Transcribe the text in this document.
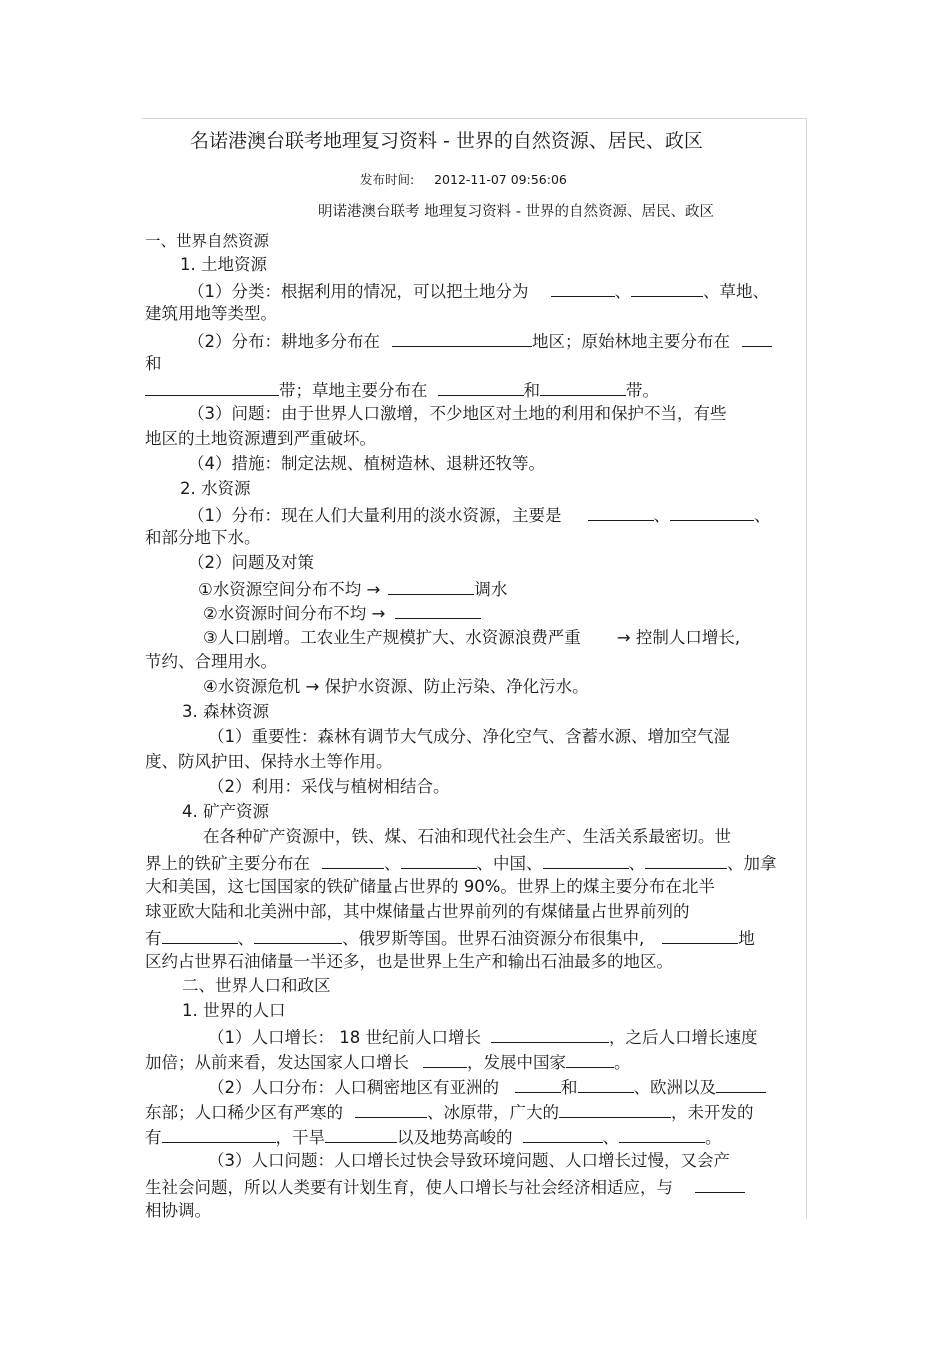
名诺港澳台联考地理复习资料 - 世界的自然资源、居民、政区
发布时间: 2012-11-07 09:56:06
明诺港澳台联考 地理复习资料 - 世界的自然资源、居民、政区
一、世界自然资源
1. 土地资源
（1）分类：根据利用的情况，可以把土地分为	、	、草地、
建筑用地等类型。
（2）分布：耕地多分布在	地区；原始林地主要分布在
和
带；草地主要分布在	和	带。
（3）问题：由于世界人口激增，不少地区对土地的利用和保护不当，有些
地区的土地资源遭到严重破坏。
（4）措施：制定法规、植树造林、退耕还牧等。
2. 水资源
（1）分布：现在人们大量利用的淡水资源，主要是	、	、
和部分地下水。
（2）问题及对策
①水资源空间分布不均 →	调水
②水资源时间分布不均 →
③人口剧增。工农业生产规模扩大、水资源浪费严重 → 控制人口增长,
节约、合理用水。
④水资源危机 → 保护水资源、防止污染、净化污水。
3. 森林资源
（1）重要性：森林有调节大气成分、净化空气、含蓄水源、增加空气湿
度、防风护田、保持水土等作用。
（2）利用：采伐与植树相结合。
4. 矿产资源
在各种矿产资源中，铁、煤、石油和现代社会生产、生活关系最密切。世
界上的铁矿主要分布在	、	、中国、	、	、加拿
大和美国，这七国国家的铁矿储量占世界的 90%。世界上的煤主要分布在北半
球亚欧大陆和北美洲中部，其中煤储量占世界前列的有煤储量占世界前列的
有	、	、俄罗斯等国。世界石油资源分布很集中,	地
区约占世界石油储量一半还多，也是世界上生产和输出石油最多的地区。
二、世界人口和政区
1. 世界的人口
（1）人口增长： 18 世纪前人口增长	，之后人口增长速度
加倍；从前来看，发达国家人口增长	，发展中国家	。
（2）人口分布：人口稠密地区有亚洲的	和	、欧洲以及
东部；人口稀少区有严寒的	、冰原带，广大的	，未开发的
有	，干旱	以及地势高峻的	、	。
（3）人口问题：人口增长过快会导致环境问题、人口增长过慢，又会产
生社会问题，所以人类要有计划生育，使人口增长与社会经济相适应，与
相协调。
